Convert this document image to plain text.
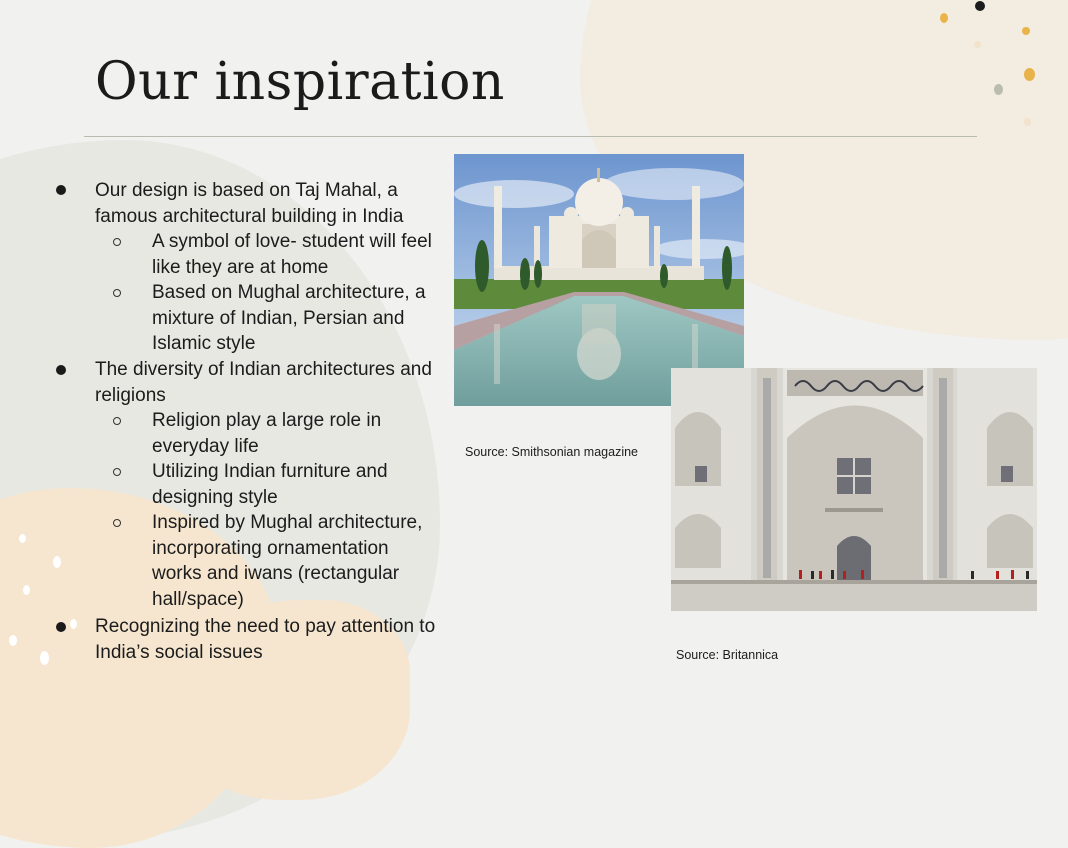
Our inspiration
Our design is based on Taj Mahal, a famous architectural building in India
A symbol of love- student will feel like they are at home
Based on Mughal architecture, a mixture of Indian, Persian and Islamic style
The diversity of Indian architectures and religions
Religion play a large role in everyday life
Utilizing Indian furniture and designing style
Inspired by Mughal architecture, incorporating ornamentation works and iwans (rectangular hall/space)
Recognizing the need to pay attention to India’s social issues
Source: Smithsonian magazine
Source: Britannica
